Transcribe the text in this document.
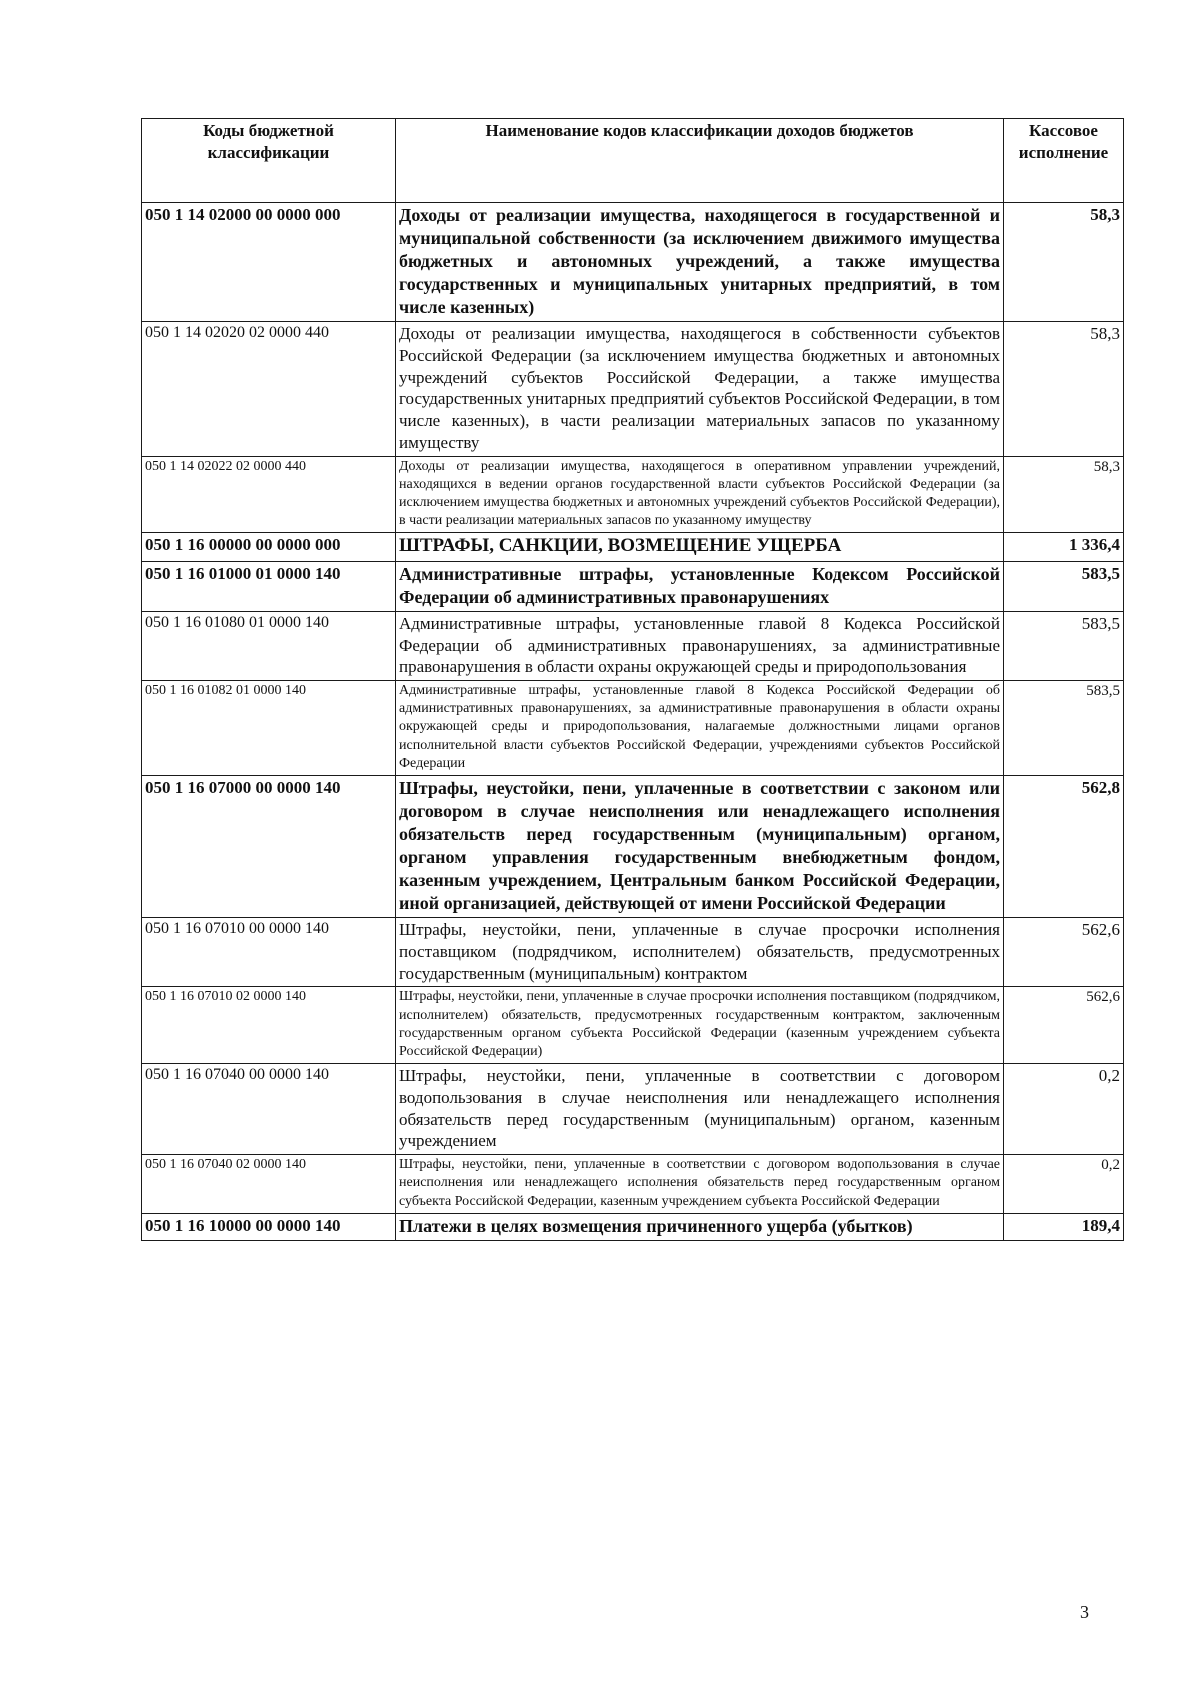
Коды бюджетной классификации	Наименование кодов классификации доходов бюджетов	Кассовое исполнение
050 1 14 02000 00 0000 000	Доходы от реализации имущества, находящегося в государственной и муниципальной собственности (за исключением движимого имущества бюджетных и автономных учреждений, а также имущества государственных и муниципальных унитарных предприятий, в том числе казенных)	58,3
050 1 14 02020 02 0000 440	Доходы от реализации имущества, находящегося в собственности субъектов Российской Федерации (за исключением имущества бюджетных и автономных учреждений субъектов Российской Федерации, а также имущества государственных унитарных предприятий субъектов Российской Федерации, в том числе казенных), в части реализации материальных запасов по указанному имуществу	58,3
050 1 14 02022 02 0000 440	Доходы от реализации имущества, находящегося в оперативном управлении учреждений, находящихся в ведении органов государственной власти субъектов Российской Федерации (за исключением имущества бюджетных и автономных учреждений субъектов Российской Федерации), в части реализации материальных запасов по указанному имуществу	58,3
050 1 16 00000 00 0000 000	ШТРАФЫ, САНКЦИИ, ВОЗМЕЩЕНИЕ УЩЕРБА	1 336,4
050 1 16 01000 01 0000 140	Административные штрафы, установленные Кодексом Российской Федерации об административных правонарушениях	583,5
050 1 16 01080 01 0000 140	Административные штрафы, установленные главой 8 Кодекса Российской Федерации об административных правонарушениях, за административные правонарушения в области охраны окружающей среды и природопользования	583,5
050 1 16 01082 01 0000 140	Административные штрафы, установленные главой 8 Кодекса Российской Федерации об административных правонарушениях, за административные правонарушения в области охраны окружающей среды и природопользования, налагаемые должностными лицами органов исполнительной власти субъектов Российской Федерации, учреждениями субъектов Российской Федерации	583,5
050 1 16 07000 00 0000 140	Штрафы, неустойки, пени, уплаченные в соответствии с законом или договором в случае неисполнения или ненадлежащего исполнения обязательств перед государственным (муниципальным) органом, органом управления государственным внебюджетным фондом, казенным учреждением, Центральным банком Российской Федерации, иной организацией, действующей от имени Российской Федерации	562,8
050 1 16 07010 00 0000 140	Штрафы, неустойки, пени, уплаченные в случае просрочки исполнения поставщиком (подрядчиком, исполнителем) обязательств, предусмотренных государственным (муниципальным) контрактом	562,6
050 1 16 07010 02 0000 140	Штрафы, неустойки, пени, уплаченные в случае просрочки исполнения поставщиком (подрядчиком, исполнителем) обязательств, предусмотренных государственным контрактом, заключенным государственным органом субъекта Российской Федерации (казенным учреждением субъекта Российской Федерации)	562,6
050 1 16 07040 00 0000 140	Штрафы, неустойки, пени, уплаченные в соответствии с договором водопользования в случае неисполнения или ненадлежащего исполнения обязательств перед государственным (муниципальным) органом, казенным учреждением	0,2
050 1 16 07040 02 0000 140	Штрафы, неустойки, пени, уплаченные в соответствии с договором водопользования в случае неисполнения или ненадлежащего исполнения обязательств перед государственным органом субъекта Российской Федерации, казенным учреждением субъекта Российской Федерации	0,2
050 1 16 10000 00 0000 140	Платежи в целях возмещения причиненного ущерба (убытков)	189,4
3
